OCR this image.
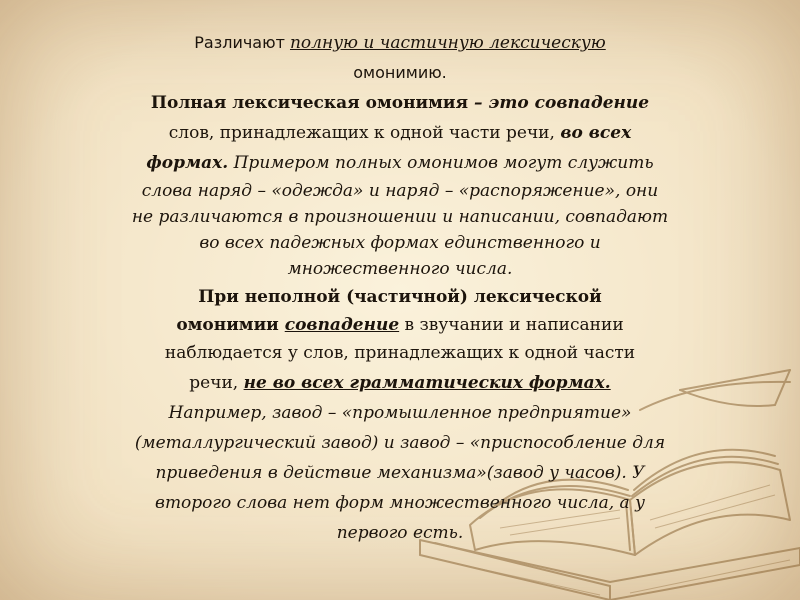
Различают полную и частичную лексическую
омонимию.
Полная лексическая омонимия – это совпадение
слов, принадлежащих к одной части речи, во всех
формах. Примером полных омонимов могут служить
слова наряд – «одежда» и наряд – «распоряжение», они
не различаются в произношении и написании, совпадают
во всех падежных формах единственного и
множественного числа.
При неполной (частичной) лексической
омонимии совпадение в звучании и написании
наблюдается у слов, принадлежащих к одной части
речи, не во всех грамматических формах.
Например, завод – «промышленное предприятие»
(металлургический завод) и завод – «приспособление для
приведения в действие механизма»(завод у часов). У
второго слова нет форм множественного числа, а у
первого есть.
